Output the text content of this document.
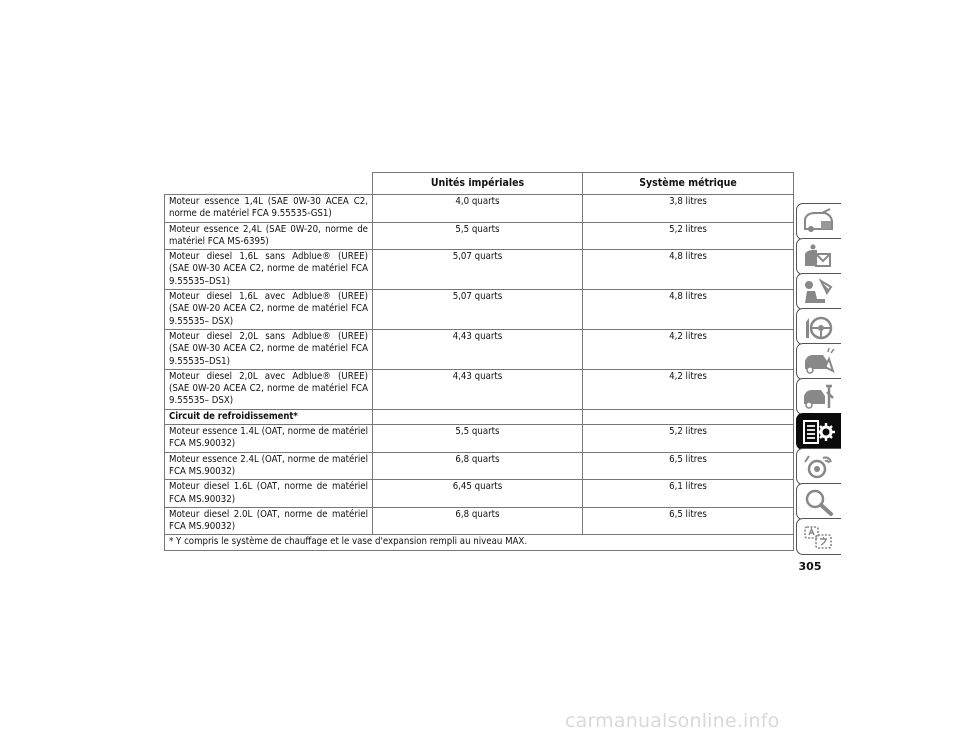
	Unités impériales	Système métrique
Moteur essence 1,4L (SAE 0W-30 ACEA C2, norme de matériel FCA 9.55535-GS1)	4,0 quarts	3,8 litres
Moteur essence 2,4L (SAE 0W-20, norme de matériel FCA MS-6395)	5,5 quarts	5,2 litres
Moteur diesel 1,6L sans Adblue® (UREE) (SAE 0W-30 ACEA C2, norme de matériel FCA 9.55535–DS1)	5,07 quarts	4,8 litres
Moteur diesel 1,6L avec Adblue® (UREE) (SAE 0W-20 ACEA C2, norme de matériel FCA 9.55535– DSX)	5,07 quarts	4,8 litres
Moteur diesel 2,0L sans Adblue® (UREE) (SAE 0W-30 ACEA C2, norme de matériel FCA 9.55535–DS1)	4,43 quarts	4,2 litres
Moteur diesel 2,0L avec Adblue® (UREE) (SAE 0W-20 ACEA C2, norme de matériel FCA 9.55535– DSX)	4,43 quarts	4,2 litres
Circuit de refroidissement*		
Moteur essence 1.4L (OAT, norme de matériel FCA MS.90032)	5,5 quarts	5,2 litres
Moteur essence 2.4L (OAT, norme de matériel FCA MS.90032)	6,8 quarts	6,5 litres
Moteur diesel 1.6L (OAT, norme de matériel FCA MS.90032)	6,45 quarts	6,1 litres
Moteur diesel 2.0L (OAT, norme de matériel FCA MS.90032)	6,8 quarts	6,5 litres
* Y compris le système de chauffage et le vase d'expansion rempli au niveau MAX.		
305
carmanualsonline.info
